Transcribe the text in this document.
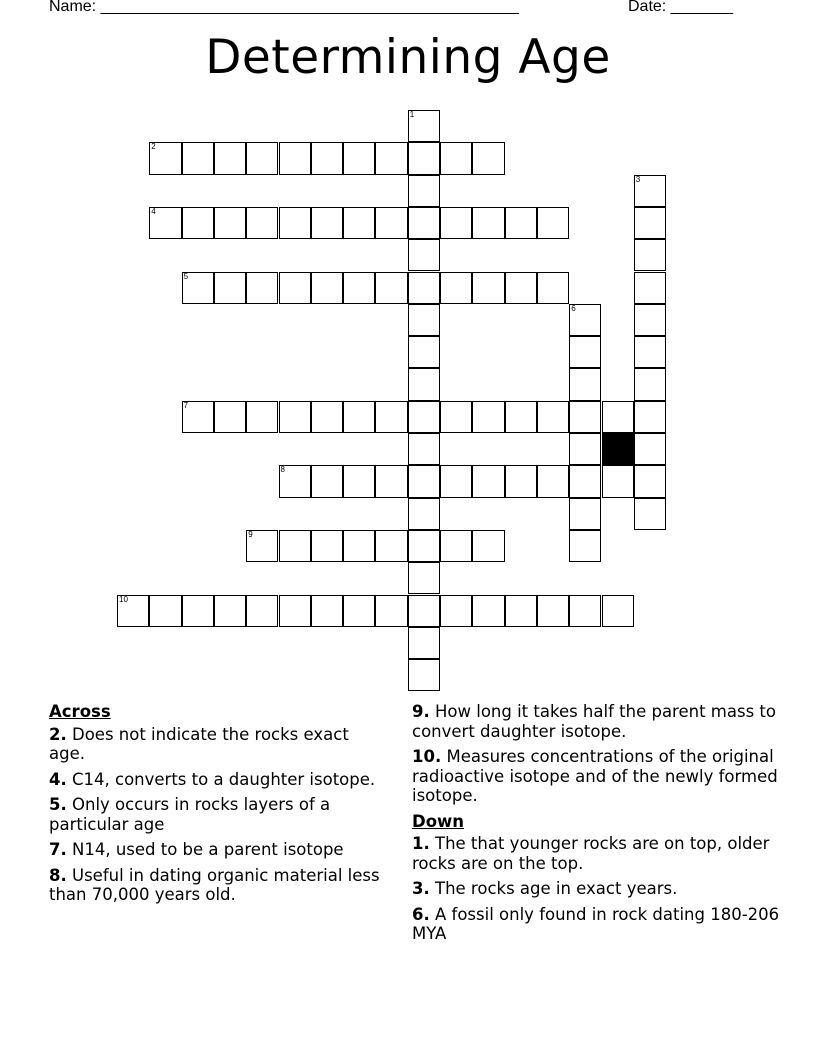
Name: _______________________________________________	Date: _______
Determining Age
2
4
5
7
8
9
10
1
3
6
Across
2. Does not indicate the rocks exact age.
4. C14, converts to a daughter isotope.
5. Only occurs in rocks layers of a particular age
7. N14, used to be a parent isotope
8. Useful in dating organic material less than 70,000 years old.
9. How long it takes half the parent mass to convert daughter isotope.
10. Measures concentrations of the original radioactive isotope and of the newly formed isotope.
Down
1. The that younger rocks are on top, older rocks are on the top.
3. The rocks age in exact years.
6. A fossil only found in rock dating 180-206 MYA
